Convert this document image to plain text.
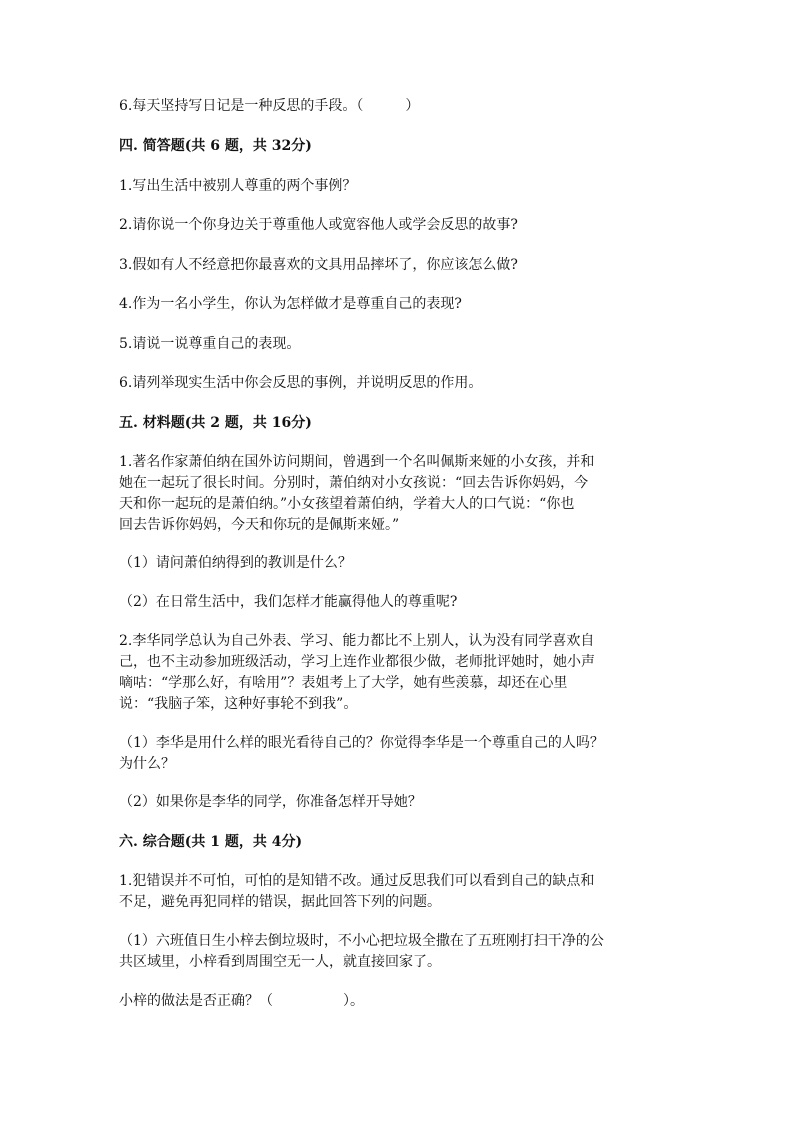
6.每天坚持写日记是一种反思的手段。（　　　）

四. 简答题(共 6 题，共 32分)

1.写出生活中被别人尊重的两个事例？

2.请你说一个你身边关于尊重他人或宽容他人或学会反思的故事?

3.假如有人不经意把你最喜欢的文具用品摔坏了，你应该怎么做?

4.作为一名小学生，你认为怎样做才是尊重自己的表现?

5.请说一说尊重自己的表现。

6.请列举现实生活中你会反思的事例，并说明反思的作用。

五. 材料题(共 2 题，共 16分)

1.著名作家萧伯纳在国外访问期间，曾遇到一个名叫佩斯来娅的小女孩，并和
她在一起玩了很长时间。分别时，萧伯纳对小女孩说：“回去告诉你妈妈，今
天和你一起玩的是萧伯纳。”小女孩望着萧伯纳，学着大人的口气说：“你也
回去告诉你妈妈，今天和你玩的是佩斯来娅。”

（1）请问萧伯纳得到的教训是什么？

（2）在日常生活中，我们怎样才能赢得他人的尊重呢?

2.李华同学总认为自己外表、学习、能力都比不上别人，认为没有同学喜欢自
己，也不主动参加班级活动，学习上连作业都很少做，老师批评她时，她小声
嘀咕：“学那么好，有啥用”？表姐考上了大学，她有些羡慕，却还在心里
说：“我脑子笨，这种好事轮不到我”。
（1）李华是用什么样的眼光看待自己的？你觉得李华是一个尊重自己的人吗？
为什么？

（2）如果你是李华的同学，你准备怎样开导她？

六. 综合题(共 1 题，共 4分)

1.犯错误并不可怕，可怕的是知错不改。通过反思我们可以看到自己的缺点和
不足，避免再犯同样的错误，据此回答下列的问题。
（1）六班值日生小梓去倒垃圾时，不小心把垃圾全撒在了五班刚打扫干净的公
共区域里，小梓看到周围空无一人，就直接回家了。

小梓的做法是否正确？（　　　　　）。
